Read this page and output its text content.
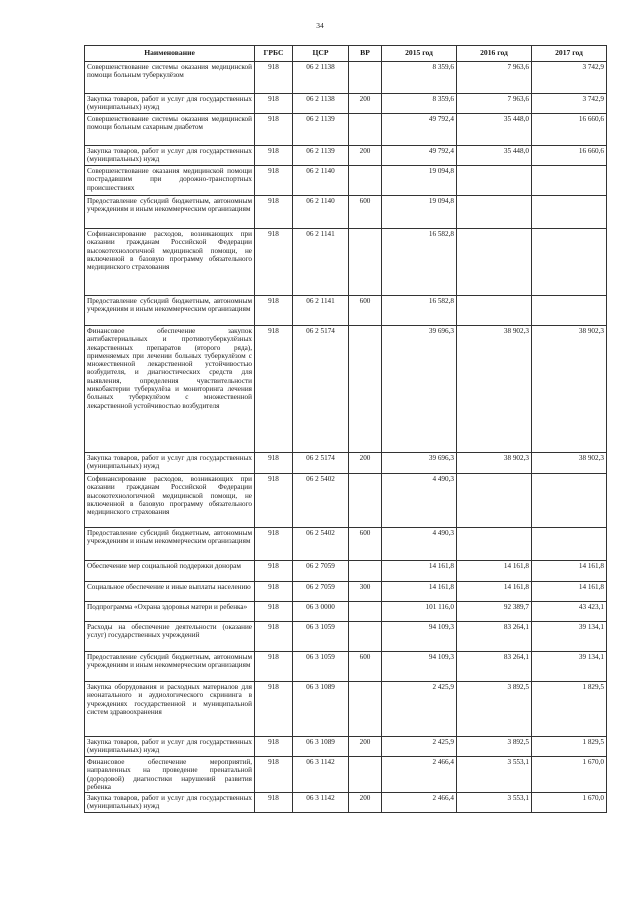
34
Наименование	ГРБС	ЦСР	ВР	2015 год	2016 год	2017 год
Совершенствование системы оказания медицинской помощи больным туберкулёзом	918	06 2 1138		8 359,6	7 963,6	3 742,9
Закупка товаров, работ и услуг для государственных (муниципальных) нужд	918	06 2 1138	200	8 359,6	7 963,6	3 742,9
Совершенствование системы оказания медицинской помощи больным сахарным диабетом	918	06 2 1139		49 792,4	35 448,0	16 660,6
Закупка товаров, работ и услуг для государственных (муниципальных) нужд	918	06 2 1139	200	49 792,4	35 448,0	16 660,6
Совершенствование оказания медицинской помощи пострадавшим при дорожно-транспортных происшествиях	918	06 2 1140		19 094,8		
Предоставление субсидий бюджетным, автономным учреждениям и иным некоммерческим организациям	918	06 2 1140	600	19 094,8		
Софинансирование расходов, возникающих при оказании гражданам Российской Федерации высокотехнологичной медицинской помощи, не включенной в базовую программу обязательного медицинского страхования	918	06 2 1141		16 582,8		
Предоставление субсидий бюджетным, автономным учреждениям и иным некоммерческим организациям	918	06 2 1141	600	16 582,8		
Финансовое обеспечение закупок антибактериальных и противотуберкулёзных лекарственных препаратов (второго ряда), применяемых при лечении больных туберкулёзом с множественной лекарственной устойчивостью возбудителя, и диагностических средств для выявления, определения чувствительности микобактерии туберкулёза и мониторинга лечения больных туберкулёзом с множественной лекарственной устойчивостью возбудителя	918	06 2 5174		39 696,3	38 902,3	38 902,3
Закупка товаров, работ и услуг для государственных (муниципальных) нужд	918	06 2 5174	200	39 696,3	38 902,3	38 902,3
Софинансирование расходов, возникающих при оказании гражданам Российской Федерации высокотехнологичной медицинской помощи, не включенной в базовую программу обязательного медицинского страхования	918	06 2 5402		4 490,3		
Предоставление субсидий бюджетным, автономным учреждениям и иным некоммерческим организациям	918	06 2 5402	600	4 490,3		
Обеспечение мер социальной поддержки донорам	918	06 2 7059		14 161,8	14 161,8	14 161,8
Социальное обеспечение и иные выплаты населению	918	06 2 7059	300	14 161,8	14 161,8	14 161,8
Подпрограмма «Охрана здоровья матери и ребенка»	918	06 3 0000		101 116,0	92 389,7	43 423,1
Расходы на обеспечение деятельности (оказание услуг) государственных учреждений	918	06 3 1059		94 109,3	83 264,1	39 134,1
Предоставление субсидий бюджетным, автономным учреждениям и иным некоммерческим организациям	918	06 3 1059	600	94 109,3	83 264,1	39 134,1
Закупка оборудования и расходных материалов для неонатального и аудиологического скрининга в учреждениях государственной и муниципальной систем здравоохранения	918	06 3 1089		2 425,9	3 892,5	1 829,5
Закупка товаров, работ и услуг для государственных (муниципальных) нужд	918	06 3 1089	200	2 425,9	3 892,5	1 829,5
Финансовое обеспечение мероприятий, направленных на проведение пренатальной (дородовой) диагностики нарушений развития ребенка	918	06 3 1142		2 466,4	3 553,1	1 670,0
Закупка товаров, работ и услуг для государственных (муниципальных) нужд	918	06 3 1142	200	2 466,4	3 553,1	1 670,0
